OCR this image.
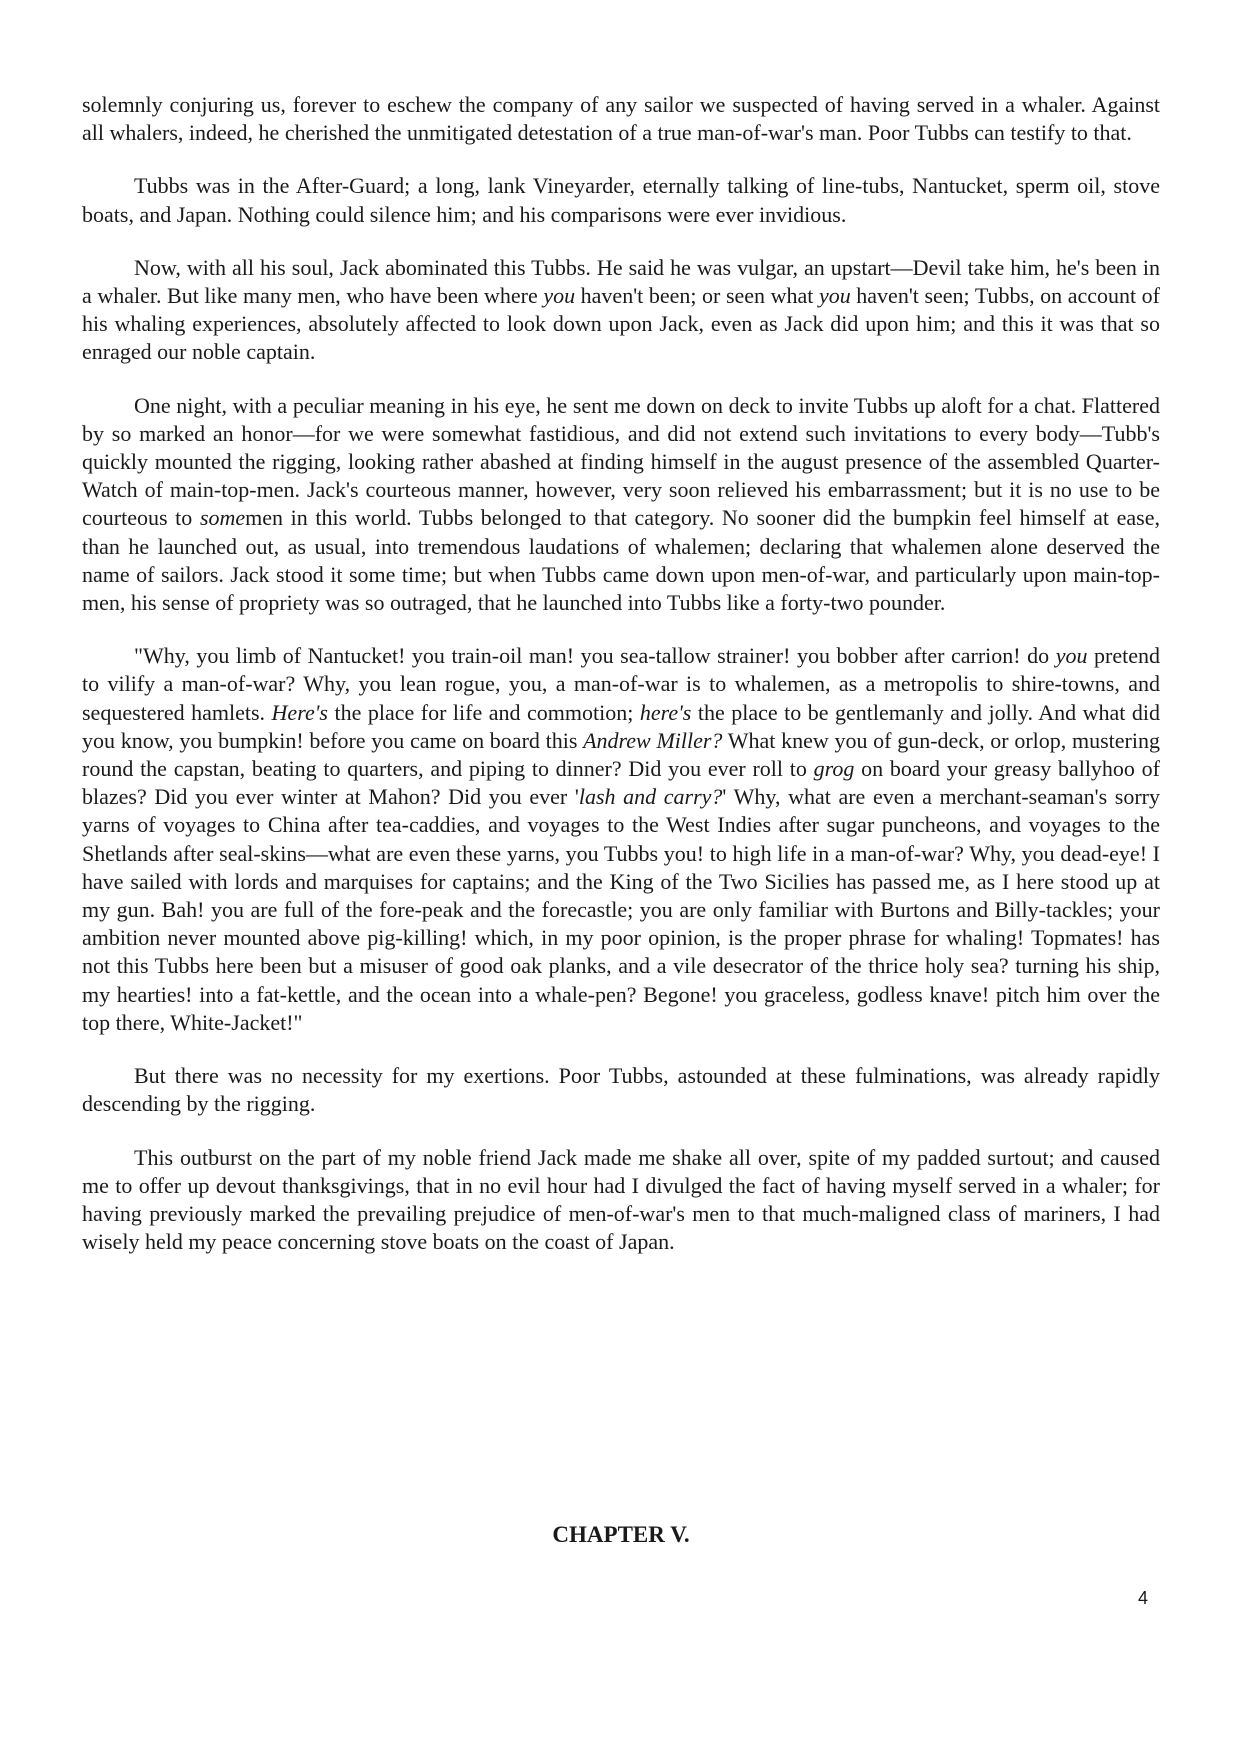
solemnly conjuring us, forever to eschew the company of any sailor we suspected of having served in a whaler. Against all whalers, indeed, he cherished the unmitigated detestation of a true man-of-war's man. Poor Tubbs can testify to that.

Tubbs was in the After-Guard; a long, lank Vineyarder, eternally talking of line-tubs, Nantucket, sperm oil, stove boats, and Japan. Nothing could silence him; and his comparisons were ever invidious.

Now, with all his soul, Jack abominated this Tubbs. He said he was vulgar, an upstart—Devil take him, he's been in a whaler. But like many men, who have been where you haven't been; or seen what you haven't seen; Tubbs, on account of his whaling experiences, absolutely affected to look down upon Jack, even as Jack did upon him; and this it was that so enraged our noble captain.

One night, with a peculiar meaning in his eye, he sent me down on deck to invite Tubbs up aloft for a chat. Flattered by so marked an honor—for we were somewhat fastidious, and did not extend such invitations to every body—Tubb's quickly mounted the rigging, looking rather abashed at finding himself in the august presence of the assembled Quarter-Watch of main-top-men. Jack's courteous manner, however, very soon relieved his embarrassment; but it is no use to be courteous to somemen in this world. Tubbs belonged to that category. No sooner did the bumpkin feel himself at ease, than he launched out, as usual, into tremendous laudations of whalemen; declaring that whalemen alone deserved the name of sailors. Jack stood it some time; but when Tubbs came down upon men-of-war, and particularly upon main-top-men, his sense of propriety was so outraged, that he launched into Tubbs like a forty-two pounder.

"Why, you limb of Nantucket! you train-oil man! you sea-tallow strainer! you bobber after carrion! do you pretend to vilify a man-of-war? Why, you lean rogue, you, a man-of-war is to whalemen, as a metropolis to shire-towns, and sequestered hamlets. Here's the place for life and commotion; here's the place to be gentlemanly and jolly. And what did you know, you bumpkin! before you came on board this Andrew Miller? What knew you of gun-deck, or orlop, mustering round the capstan, beating to quarters, and piping to dinner? Did you ever roll to grog on board your greasy ballyhoo of blazes? Did you ever winter at Mahon? Did you ever 'lash and carry?' Why, what are even a merchant-seaman's sorry yarns of voyages to China after tea-caddies, and voyages to the West Indies after sugar puncheons, and voyages to the Shetlands after seal-skins—what are even these yarns, you Tubbs you! to high life in a man-of-war? Why, you dead-eye! I have sailed with lords and marquises for captains; and the King of the Two Sicilies has passed me, as I here stood up at my gun. Bah! you are full of the fore-peak and the forecastle; you are only familiar with Burtons and Billy-tackles; your ambition never mounted above pig-killing! which, in my poor opinion, is the proper phrase for whaling! Topmates! has not this Tubbs here been but a misuser of good oak planks, and a vile desecrator of the thrice holy sea? turning his ship, my hearties! into a fat-kettle, and the ocean into a whale-pen? Begone! you graceless, godless knave! pitch him over the top there, White-Jacket!"

But there was no necessity for my exertions. Poor Tubbs, astounded at these fulminations, was already rapidly descending by the rigging.

This outburst on the part of my noble friend Jack made me shake all over, spite of my padded surtout; and caused me to offer up devout thanksgivings, that in no evil hour had I divulged the fact of having myself served in a whaler; for having previously marked the prevailing prejudice of men-of-war's men to that much-maligned class of mariners, I had wisely held my peace concerning stove boats on the coast of Japan.

CHAPTER V.
4
